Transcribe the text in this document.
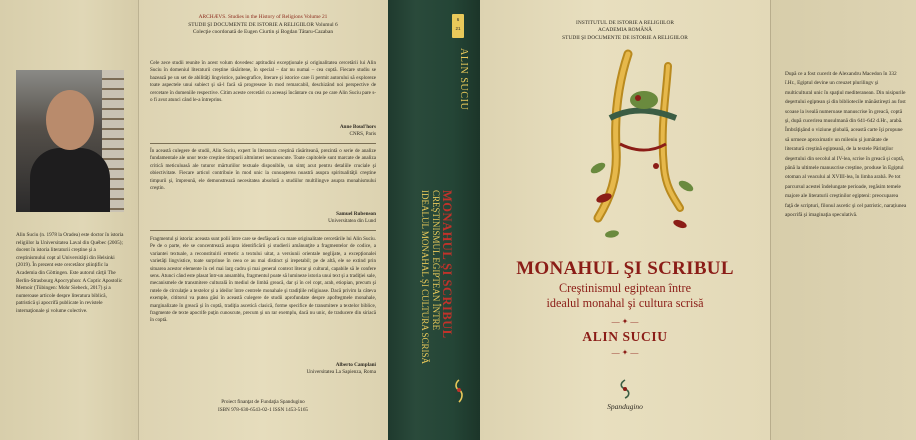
Alin Suciu (n. 1978 la Oradea) este doctor în istoria religiilor la Universitatea Laval din Québec (2005); docent în istoria literaturii creştine şi a creştinismului copt al Universităţii din Helsinki (2019). În prezent este cercetător ştiinţific la Academia din Göttingen. Este autorul cărţii The Berlin-Strasbourg Apocryphon: A Coptic Apostolic Memoir (Tübingen: Mohr Siebeck, 2017) şi a numeroase articole despre literatura biblică, patristică şi apocrifă publicate în revistele internaţionale şi volume colective.
ARCHÆVS. Studies in the History of Religions Volume 21
STUDII ŞI DOCUMENTE DE ISTORIE A RELIGIILOR Volumul 6
Colecţie coordonată de Eugen Ciurtin şi Bogdan Tătaru-Cazaban
Cele zece studii reunite în acest volum dovedesc aptitudini excepţionale şi originalitatea cercetării lui Alin Suciu în domeniul literaturii creştine răsăritene, în special – dar nu numai – cea coptă. Fiecare studiu se bazează pe un set de abilităţi lingvistice, paleografice, literare şi istorice care îi permit autorului să exploreze toate aspectele unui subiect şi să-l facă să progreseze în mod remarcabil, deschizând noi perspective de cercetare în domeniile respective. Citim aceste cercetări cu aceeaşi încântare cu cea pe care Alin Suciu pare s-o fi avut atunci când le-a întreprins.
Anne Boud'hors
CNRS, Paris
În această culegere de studii, Alin Suciu, expert în literatura creştină răsăriteană, prezintă o serie de analize fundamentale ale unor texte creştine timpurii altminteri necunoscute. Toate capitolele sunt marcate de analiza critică meticuloasă ale tuturor mărturiilor textuale disponibile, un simţ acut pentru detaliile cruciale şi obiectivitate. Fiecare articol contribuie în mod unic la cunoaşterea noastră asupra spiritualităţii creştine timpurii şi, împreună, ele demonstrează necesitatea absolută a studiilor multilingve asupra monahismului creştin.
Samuel Rubenson
Universitatea din Lund
Fragmentul şi istoria: aceasta sunt polii între care se desfăşoară cu mare originalitate cercetările lui Alin Suciu. Pe de o parte, ele se concentrează asupra identificării şi studierii amănunţite a fragmentelor de codice, a variantei textuale, a reconstituirii ermetic a textului uitat, a versiunii orientale neglijate, a excepţionalei varietăţi lingvistice, toate surprinse în ceea ce au mai distinct şi irepetabil; pe de altă, ele se extind prin situarea acestor elemente în cel mai larg cadru şi mai general context literar şi cultural, capabile să le confere sens. Atunci când este plasat într-un ansamblu, fragmentul poate să lumineze istoria unui text şi a tradiţiei sale, mecanismele de transmitere culturală în mediul de limbă greacă, dar şi în cel copt, arab, etiopian, precum şi rutele de circulaţie a textelor şi a ideilor între centrele monahale şi tradiţiile religioase. Dacă privim la câteva exemple, cititorul va putea găsi în această culegere de studii aprofundate despre apoftegmele monahale, marginalizate în greacă şi în coptă, tradiţia ascetică clasică, forme specifice de transmitere a textelor biblice, fragmente de texte apocrife puţin cunoscute, precum şi un rar exemplu, dacă nu unic, de traducere din siriacă în coptă.
Alberto Camplani
Universitatea La Sapienza, Roma
Proiect finanţat de Fundaţia Spandugino
ISBN 978-630-6543-02-1 ISSN 1453-5165
6

21
ALIN SUCIU
MONAHUL ŞI SCRIBUL
CREŞTINISMUL EGIPTEAN ÎNTRE
IDEALUL MONAHAL ŞI CULTURA SCRISĂ
INSTITUTUL DE ISTORIE A RELIGIILOR
ACADEMIA ROMÂNĂ
STUDII ŞI DOCUMENTE DE ISTORIE A RELIGIILOR
MONAHUL ŞI SCRIBUL
Creştinismul egiptean între
idealul monahal şi cultura scrisă
— ✦ —
ALIN SUCIU
— ✦ —
Spandugino
După ce a fost cucerit de Alexandru Macedon în 332 î.Hr., Egiptul devine un creuzet plurilingv şi multicultural unic în spaţiul mediteranean. Din nisipurile deşertului egiptean şi din bibliotecile mănăstireşti au fost scoase la iveală numeroase manuscrise în greacă, coptă şi, după cucerirea musulmană din 641-642 d.Hr., arabă. Îmbrăţişând o viziune globală, această carte îşi propune să urmeze aproximativ un mileniu şi jumătate de literatură creştină egipteană, de la textele Părinţilor deşertului din secolul al IV-lea, scrise în greacă şi coptă, până la ultimele manuscrise creştine, produse în Egiptul otoman al veacului al XVIII-lea, în limba arabă. Pe tot parcursul acestei îndelungate perioade, regăsim temele majore ale literaturii creştinilor egipteni: preocuparea faţă de scripturi, filonul ascetic şi cel patristic, narațiunea apocrifă şi imaginaţia speculativă.
